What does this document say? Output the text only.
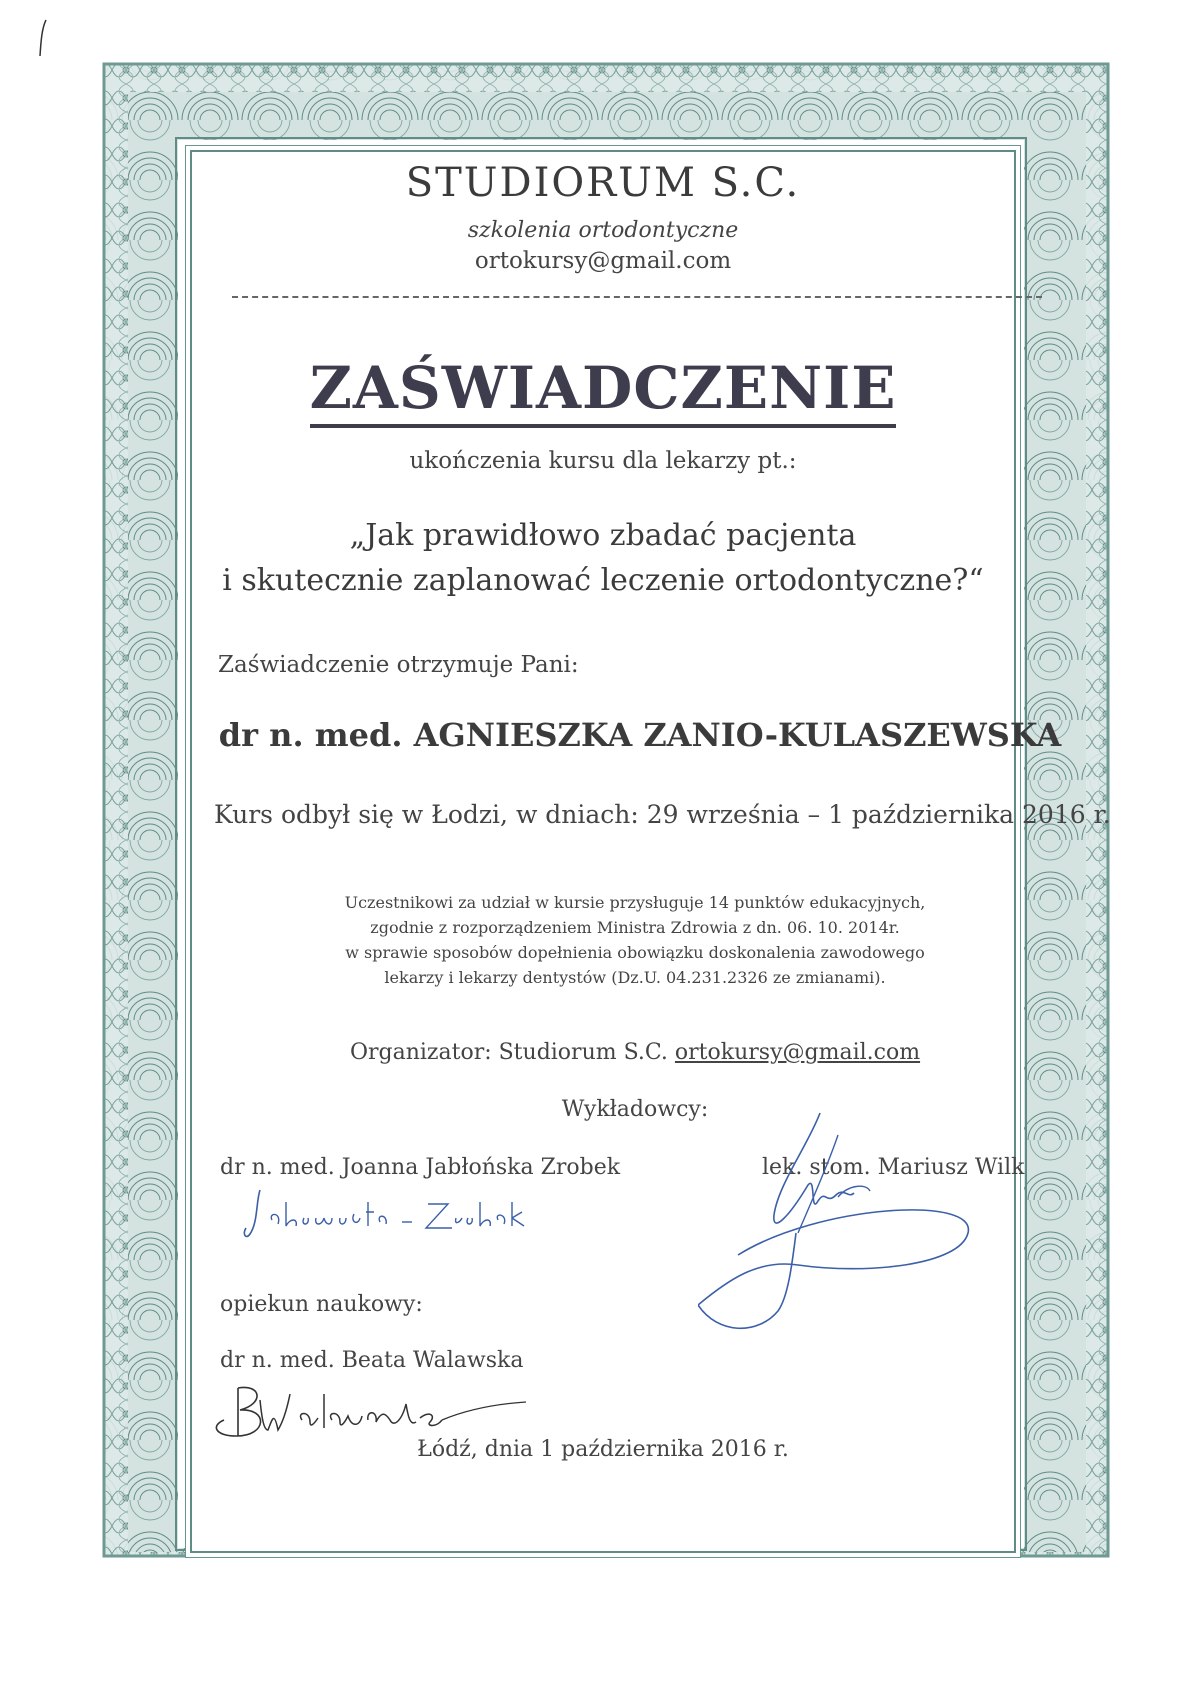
STUDIORUM S.C.
szkolenia ortodontyczne
ortokursy@gmail.com
ZAŚWIADCZENIE
ukończenia kursu dla lekarzy pt.:
„Jak prawidłowo zbadać pacjenta
i skutecznie zaplanować leczenie ortodontyczne?“
Zaświadczenie otrzymuje Pani:
dr n. med. AGNIESZKA ZANIO-KULASZEWSKA
Kurs odbył się w Łodzi, w dniach: 29 września – 1 października 2016 r.
Uczestnikowi za udział w kursie przysługuje 14 punktów edukacyjnych,
zgodnie z rozporządzeniem Ministra Zdrowia z dn. 06. 10. 2014r.
w sprawie sposobów dopełnienia obowiązku doskonalenia zawodowego
lekarzy i lekarzy dentystów (Dz.U. 04.231.2326 ze zmianami).
Organizator: Studiorum S.C. ortokursy@gmail.com
Wykładowcy:
dr n. med. Joanna Jabłońska Zrobek	lek. stom. Mariusz Wilk
opiekun naukowy:
dr n. med. Beata Walawska
Łódź, dnia 1 października 2016 r.
